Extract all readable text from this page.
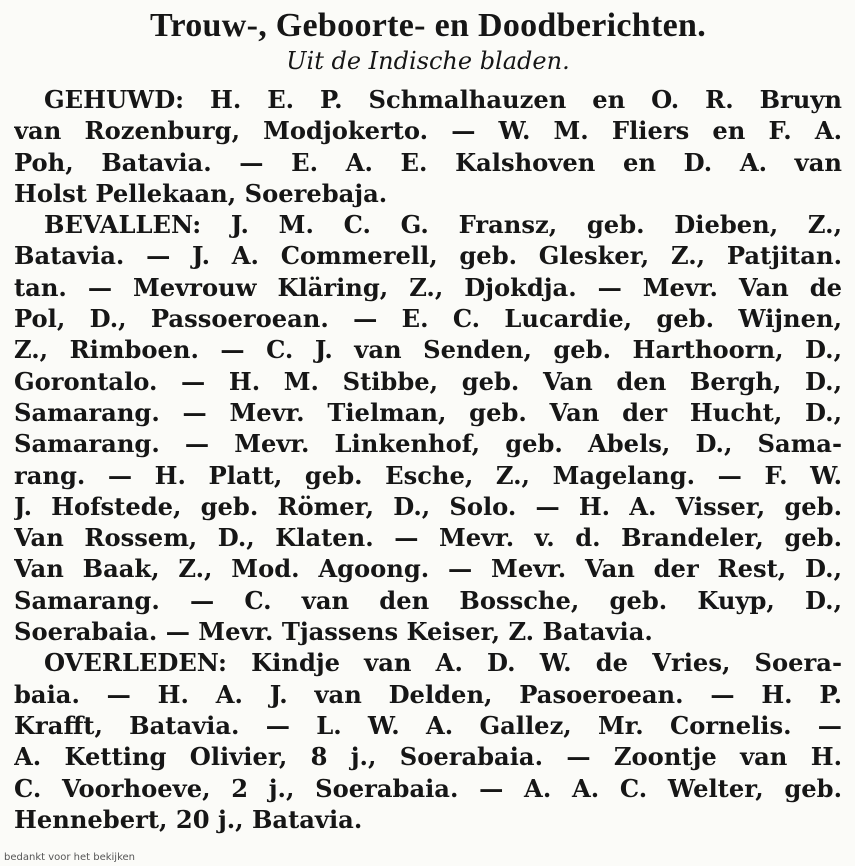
Trouw-, Geboorte- en Doodberichten.
Uit de Indische bladen.
GEHUWD: H. E. P. Schmalhauzen en O. R. Bruyn
van Rozenburg, Modjokerto. — W. M. Fliers en F. A.
Poh, Batavia. — E. A. E. Kalshoven en D. A. van
Holst Pellekaan, Soerebaja.
BEVALLEN: J. M. C. G. Fransz, geb. Dieben, Z.,
Batavia. — J. A. Commerell, geb. Glesker, Z., Patjitan.
tan. — Mevrouw Kläring, Z., Djokdja. — Mevr. Van de
Pol, D., Passoeroean. — E. C. Lucardie, geb. Wijnen,
Z., Rimboen. — C. J. van Senden, geb. Harthoorn, D.,
Gorontalo. — H. M. Stibbe, geb. Van den Bergh, D.,
Samarang. — Mevr. Tielman, geb. Van der Hucht, D.,
Samarang. — Mevr. Linkenhof, geb. Abels, D., Sama-
rang. — H. Platt, geb. Esche, Z., Magelang. — F. W.
J. Hofstede, geb. Römer, D., Solo. — H. A. Visser, geb.
Van Rossem, D., Klaten. — Mevr. v. d. Brandeler, geb.
Van Baak, Z., Mod. Agoong. — Mevr. Van der Rest, D.,
Samarang. — C. van den Bossche, geb. Kuyp, D.,
Soerabaia. — Mevr. Tjassens Keiser, Z. Batavia.
OVERLEDEN: Kindje van A. D. W. de Vries, Soera-
baia. — H. A. J. van Delden, Pasoeroean. — H. P.
Krafft, Batavia. — L. W. A. Gallez, Mr. Cornelis. —
A. Ketting Olivier, 8 j., Soerabaia. — Zoontje van H.
C. Voorhoeve, 2 j., Soerabaia. — A. A. C. Welter, geb.
Hennebert, 20 j., Batavia.
bedankt voor het bekijken
